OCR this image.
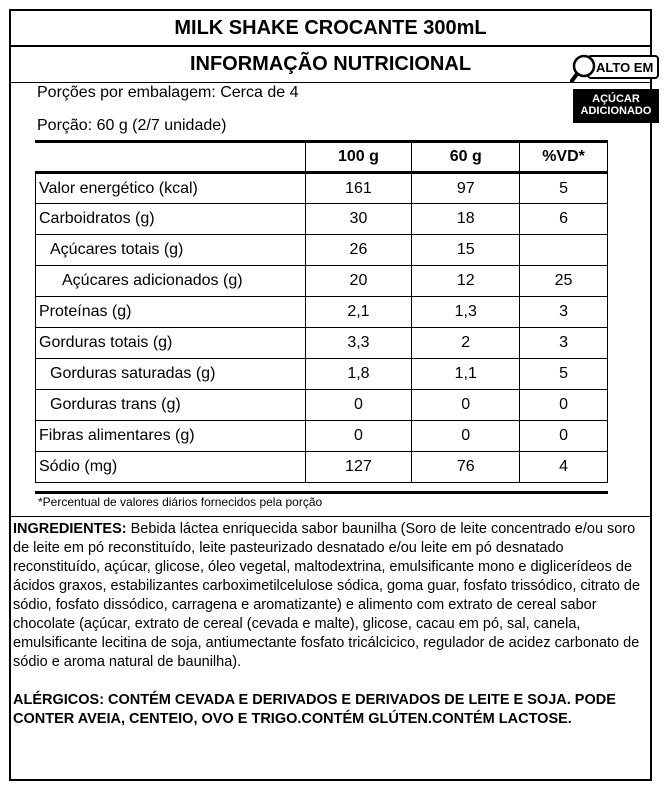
MILK SHAKE CROCANTE 300mL
INFORMAÇÃO NUTRICIONAL
Porções por embalagem: Cerca de 4
Porção: 60 g (2/7 unidade)
	100 g	60 g	%VD*
Valor energético (kcal)	161	97	5
Carboidratos (g)	30	18	6
Açúcares totais (g)	26	15	
Açúcares adicionados (g)	20	12	25
Proteínas (g)	2,1	1,3	3
Gorduras totais (g)	3,3	2	3
Gorduras saturadas (g)	1,8	1,1	5
Gorduras trans (g)	0	0	0
Fibras alimentares (g)	0	0	0
Sódio (mg)	127	76	4
*Percentual de valores diários fornecidos pela porção
INGREDIENTES: Bebida láctea enriquecida sabor baunilha (Soro de leite concentrado e/ou soro de leite em pó reconstituído, leite pasteurizado desnatado e/ou leite em pó desnatado reconstituído, açúcar, glicose, óleo vegetal, maltodextrina, emulsificante mono e diglicerídeos de ácidos graxos, estabilizantes carboximetilcelulose sódica, goma guar, fosfato trissódico, citrato de sódio, fosfato dissódico, carragena e aromatizante) e alimento com extrato de cereal sabor chocolate (açúcar, extrato de cereal (cevada e malte), glicose, cacau em pó, sal, canela, emulsificante lecitina de soja, antiumectante fosfato tricálcicico, regulador de acidez carbonato de sódio e aroma natural de baunilha).
ALÉRGICOS: CONTÉM CEVADA E DERIVADOS E DERIVADOS DE LEITE E SOJA. PODE CONTER AVEIA, CENTEIO, OVO E TRIGO.CONTÉM GLÚTEN.CONTÉM LACTOSE.
ALTO EM
AÇÚCAR
ADICIONADO
